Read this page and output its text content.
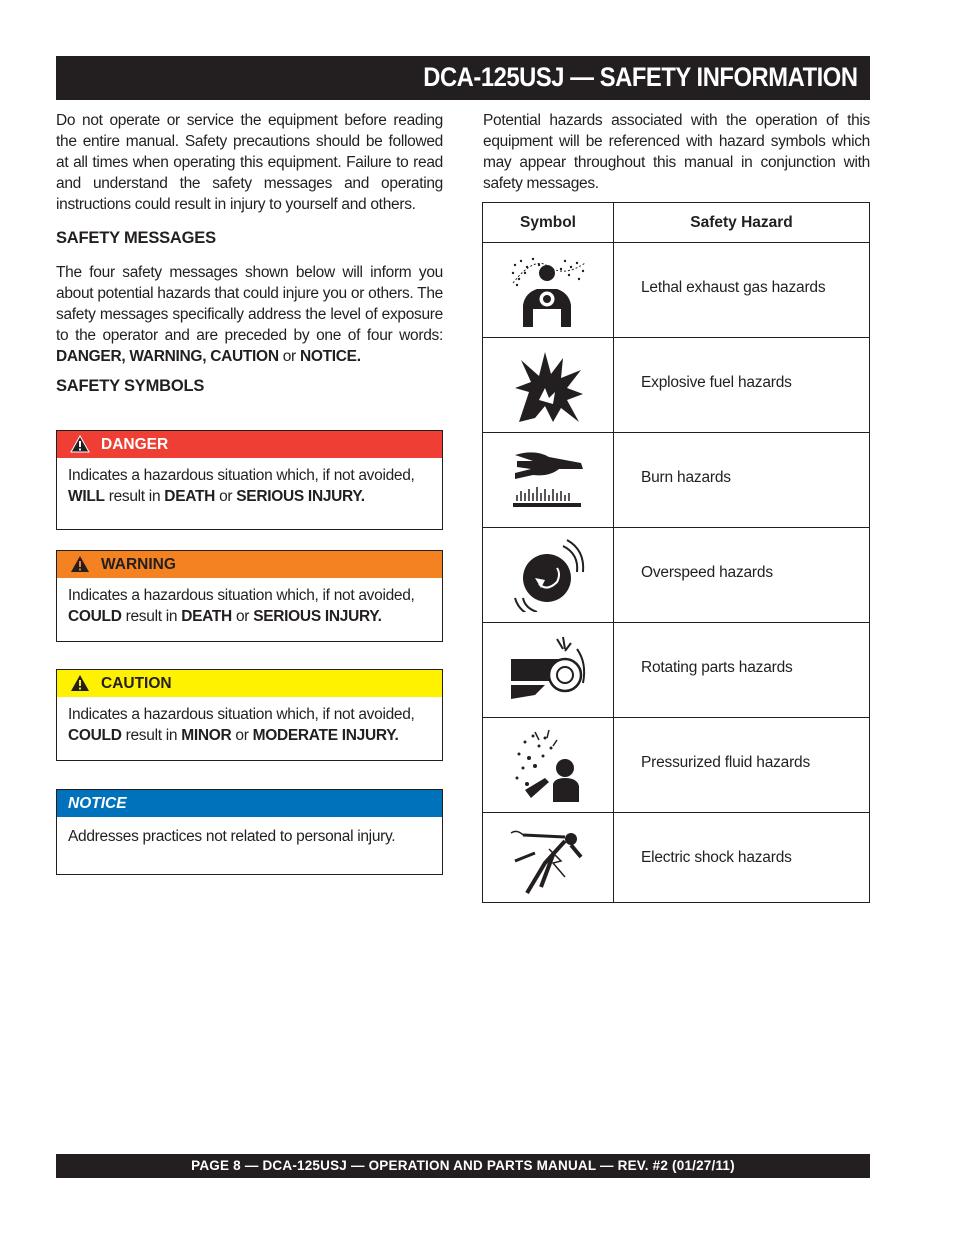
DCA-125USJ — SAFETY INFORMATION

Do not operate or service the equipment before reading the entire manual. Safety precautions should be followed at all times when operating this equipment. Failure to read and understand the safety messages and operating instructions could result in injury to yourself and others.

SAFETY MESSAGES

The four safety messages shown below will inform you about potential hazards that could injure you or others. The safety messages specifically address the level of exposure to the operator and are preceded by one of four words: DANGER, WARNING, CAUTION or NOTICE.

SAFETY SYMBOLS
DANGER
Indicates a hazardous situation which, if not avoided, WILL result in DEATH or SERIOUS INJURY.
WARNING
Indicates a hazardous situation which, if not avoided, COULD result in DEATH or SERIOUS INJURY.
CAUTION
Indicates a hazardous situation which, if not avoided, COULD result in MINOR or MODERATE INJURY.
NOTICE
Addresses practices not related to personal injury.

Potential hazards associated with the operation of this equipment will be referenced with hazard symbols which may appear throughout this manual in conjunction with safety messages.

Symbol	Safety Hazard
Lethal exhaust gas hazards
Explosive fuel hazards
Burn hazards
Overspeed hazards
Rotating parts hazards
Pressurized fluid hazards
Electric shock hazards
PAGE 8 — DCA-125USJ — OPERATION AND PARTS MANUAL — REV. #2 (01/27/11)
